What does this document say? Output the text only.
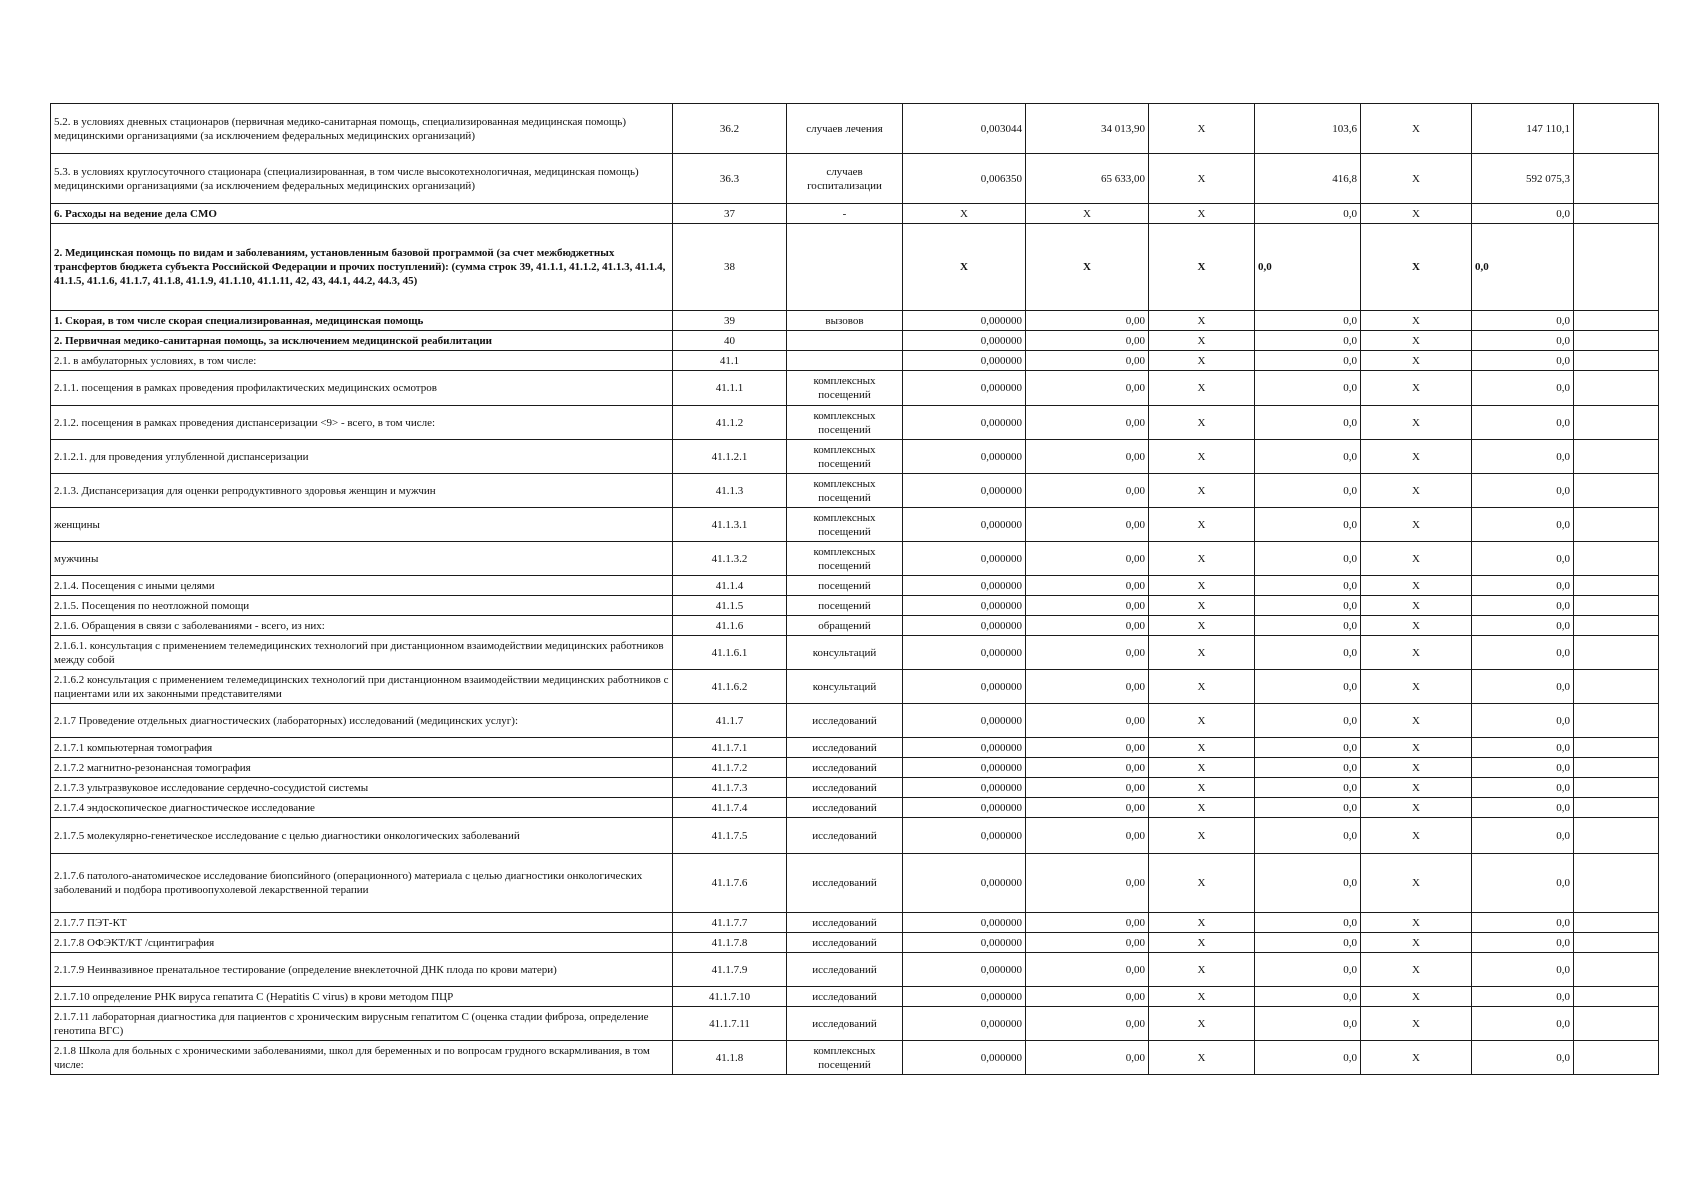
5.2. в условиях дневных стационаров (первичная медико-санитарная помощь, специализированная медицинская помощь) медицинскими организациями (за исключением федеральных медицинских организаций)	36.2	случаев лечения	0,003044	34 013,90	X	103,6	X	147 110,1	
5.3. в условиях круглосуточного стационара (специализированная, в том числе высокотехнологичная, медицинская помощь) медицинскими организациями (за исключением федеральных медицинских организаций)	36.3	случаев госпитализации	0,006350	65 633,00	X	416,8	X	592 075,3	
6. Расходы на ведение дела СМО	37	-	X	X	X	0,0	X	0,0	
2. Медицинская помощь по видам и заболеваниям, установленным базовой программой (за счет межбюджетных трансфертов бюджета субъекта Российской Федерации и прочих поступлений): (сумма строк 39, 41.1.1, 41.1.2, 41.1.3, 41.1.4, 41.1.5, 41.1.6, 41.1.7, 41.1.8, 41.1.9, 41.1.10, 41.1.11, 42, 43, 44.1, 44.2, 44.3, 45)	38		X	X	X	0,0	X	0,0	
1. Скорая, в том числе скорая специализированная, медицинская помощь	39	вызовов	0,000000	0,00	X	0,0	X	0,0	
2. Первичная медико-санитарная помощь, за исключением медицинской реабилитации	40		0,000000	0,00	X	0,0	X	0,0	
2.1. в амбулаторных условиях, в том числе:	41.1		0,000000	0,00	X	0,0	X	0,0	
2.1.1. посещения в рамках проведения профилактических медицинских осмотров	41.1.1	комплексных посещений	0,000000	0,00	X	0,0	X	0,0	
2.1.2. посещения в рамках проведения диспансеризации <9> - всего, в том числе:	41.1.2	комплексных посещений	0,000000	0,00	X	0,0	X	0,0	
2.1.2.1. для проведения углубленной диспансеризации	41.1.2.1	комплексных посещений	0,000000	0,00	X	0,0	X	0,0	
2.1.3. Диспансеризация для оценки репродуктивного здоровья женщин и мужчин	41.1.3	комплексных посещений	0,000000	0,00	X	0,0	X	0,0	
женщины	41.1.3.1	комплексных посещений	0,000000	0,00	X	0,0	X	0,0	
мужчины	41.1.3.2	комплексных посещений	0,000000	0,00	X	0,0	X	0,0	
2.1.4. Посещения с иными целями	41.1.4	посещений	0,000000	0,00	X	0,0	X	0,0	
2.1.5. Посещения по неотложной помощи	41.1.5	посещений	0,000000	0,00	X	0,0	X	0,0	
2.1.6. Обращения в связи с заболеваниями - всего, из них:	41.1.6	обращений	0,000000	0,00	X	0,0	X	0,0	
2.1.6.1. консультация с применением телемедицинских технологий при дистанционном взаимодействии медицинских работников между собой	41.1.6.1	консультаций	0,000000	0,00	X	0,0	X	0,0	
2.1.6.2 консультация с применением телемедицинских технологий при дистанционном взаимодействии медицинских работников с пациентами или их законными представителями	41.1.6.2	консультаций	0,000000	0,00	X	0,0	X	0,0	
2.1.7 Проведение отдельных диагностических (лабораторных) исследований (медицинских услуг):	41.1.7	исследований	0,000000	0,00	X	0,0	X	0,0	
2.1.7.1 компьютерная томография	41.1.7.1	исследований	0,000000	0,00	X	0,0	X	0,0	
2.1.7.2 магнитно-резонансная томография	41.1.7.2	исследований	0,000000	0,00	X	0,0	X	0,0	
2.1.7.3 ультразвуковое исследование сердечно-сосудистой системы	41.1.7.3	исследований	0,000000	0,00	X	0,0	X	0,0	
2.1.7.4 эндоскопическое диагностическое исследование	41.1.7.4	исследований	0,000000	0,00	X	0,0	X	0,0	
2.1.7.5 молекулярно-генетическое исследование с целью диагностики онкологических заболеваний	41.1.7.5	исследований	0,000000	0,00	X	0,0	X	0,0	
2.1.7.6 патолого-анатомическое исследование биопсийного (операционного) материала с целью диагностики онкологических заболеваний и подбора противоопухолевой лекарственной терапии	41.1.7.6	исследований	0,000000	0,00	X	0,0	X	0,0	
2.1.7.7 ПЭТ-КТ	41.1.7.7	исследований	0,000000	0,00	X	0,0	X	0,0	
2.1.7.8 ОФЭКТ/КТ /сцинтиграфия	41.1.7.8	исследований	0,000000	0,00	X	0,0	X	0,0	
2.1.7.9 Неинвазивное пренатальное тестирование (определение внеклеточной ДНК плода по крови матери)	41.1.7.9	исследований	0,000000	0,00	X	0,0	X	0,0	
2.1.7.10 определение РНК вируса гепатита С (Hepatitis C virus) в крови методом ПЦР	41.1.7.10	исследований	0,000000	0,00	X	0,0	X	0,0	
2.1.7.11 лабораторная диагностика для пациентов с хроническим вирусным гепатитом С (оценка стадии фиброза, определение генотипа ВГС)	41.1.7.11	исследований	0,000000	0,00	X	0,0	X	0,0	
2.1.8 Школа для больных с хроническими заболеваниями, школ для беременных и по вопросам грудного вскармливания, в том числе:	41.1.8	комплексных посещений	0,000000	0,00	X	0,0	X	0,0	
